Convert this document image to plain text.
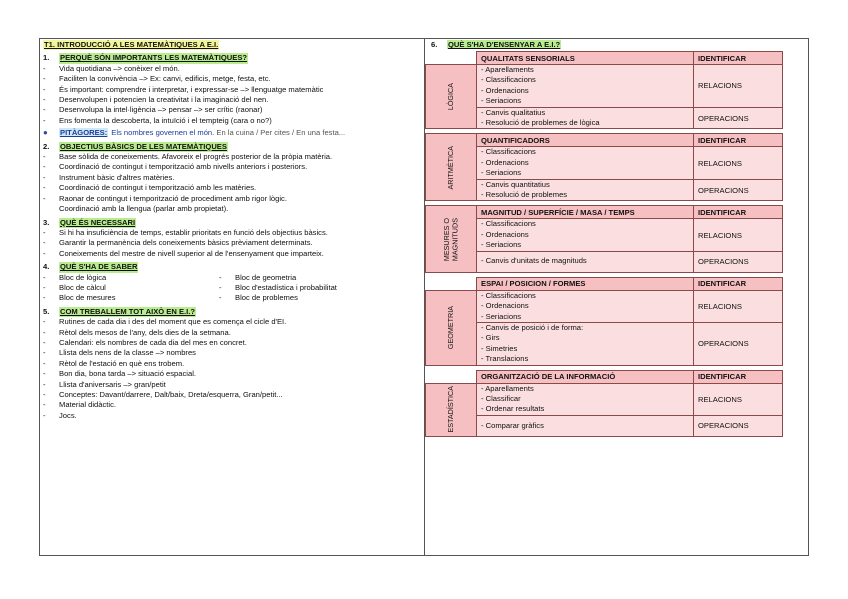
T1. INTRODUCCIÓ A LES MATEMÀTIQUES A E.I.
1.	PERQUÈ SÓN IMPORTANTS LES MATEMÀTIQUES?
-	Vida quotidiana –> conèixer el món.
-	Faciliten la convivència –> Ex: canvi, edificis, metge, festa, etc.
-	És important: comprendre i interpretar, i expressar-se –> llenguatge matemàtic
-	Desenvolupen i potencien la creativitat i la imaginació del nen.
-	Desenvolupa la intel·ligència –> pensar –> ser crític (raonar)
-	Ens fomenta la descoberta, la intuïció i el tempteig (cara o no?)
●	PITÀGORES: Els nombres governen el món. En la cuina / Per cites / En una festa...
2.	OBJECTIUS BÀSICS DE LES MATEMÀTIQUES
-	Base sòlida de coneixements. Afavoreix el progrés posterior de la pròpia matèria.
-	Coordinació de contingut i temporització amb nivells anteriors i posteriors.
-	Instrument bàsic d'altres matèries.
-	Coordinació de contingut i temporització amb les matèries.
-	Raonar de contingut i temporització de procediment amb rigor lògic.
Coordinació amb la llengua (parlar amb propietat).
3.	QUÈ ÉS NECESSARI
-	Si hi ha insuficiència de temps, establir prioritats en funció dels objectius bàsics.
-	Garantir la permanència dels coneixements bàsics prèviament determinats.
-	Coneixements del mestre de nivell superior al de l'ensenyament que imparteix.
4.	QUÈ S'HA DE SABER
-	Bloc de lògica	-	Bloc de geometria
-	Bloc de càlcul	-	Bloc d'estadística i probabilitat
-	Bloc de mesures	-	Bloc de problemes
5.	COM TREBALLEM TOT AIXÒ EN E.I.?
-	Rutines de cada dia i des del moment que es comença el cicle d'EI.
-	Rètol dels mesos de l'any, dels dies de la setmana.
-	Calendari: els nombres de cada dia del mes en concret.
-	Llista dels nens de la classe –> nombres
-	Rètol de l'estació en què ens trobem.
-	Bon dia, bona tarda –> situació espacial.
-	Llista d'aniversaris –> gran/petit
-	Conceptes: Davant/darrere, Dalt/baix, Dreta/esquerra, Gran/petit...
-	Material didàctic.
-	Jocs.
6.	QUÈ S'HA D'ENSENYAR A E.I.?
	QUALITATS SENSORIALS	IDENTIFICAR

LÒGICA	- Aparellaments
- Classificacions
- Ordenacions
- Seriacions	RELACIONS

	- Canvis qualitatius
- Resolució de problemes de lògica	OPERACIONS
ARITMÈTICA	QUANTIFICADORS	IDENTIFICAR

	- Classificacions
- Ordenacions
- Seriacions	RELACIONS

	- Canvis quantitatius
- Resolució de problemes	OPERACIONS
MESURES O
MAGNITUDS	MAGNITUD / SUPERFÍCIE / MASA / TEMPS	IDENTIFICAR

	- Classificacions
- Ordenacions
- Seriacions	RELACIONS

	- Canvis d'unitats de magnituds	OPERACIONS
	ESPAI / POSICION / FORMES	IDENTIFICAR

GEOMETRIA	- Classificacions
- Ordenacions
- Seriacions	RELACIONS

	- Canvis de posició i de forma:
- Girs
- Simetries
- Translacions	OPERACIONS
	ORGANITZACIÓ DE LA INFORMACIÓ	IDENTIFICAR

ESTADÍSTICA	- Aparellaments
- Classificar
- Ordenar resultats	RELACIONS

	- Comparar gràfics	OPERACIONS
